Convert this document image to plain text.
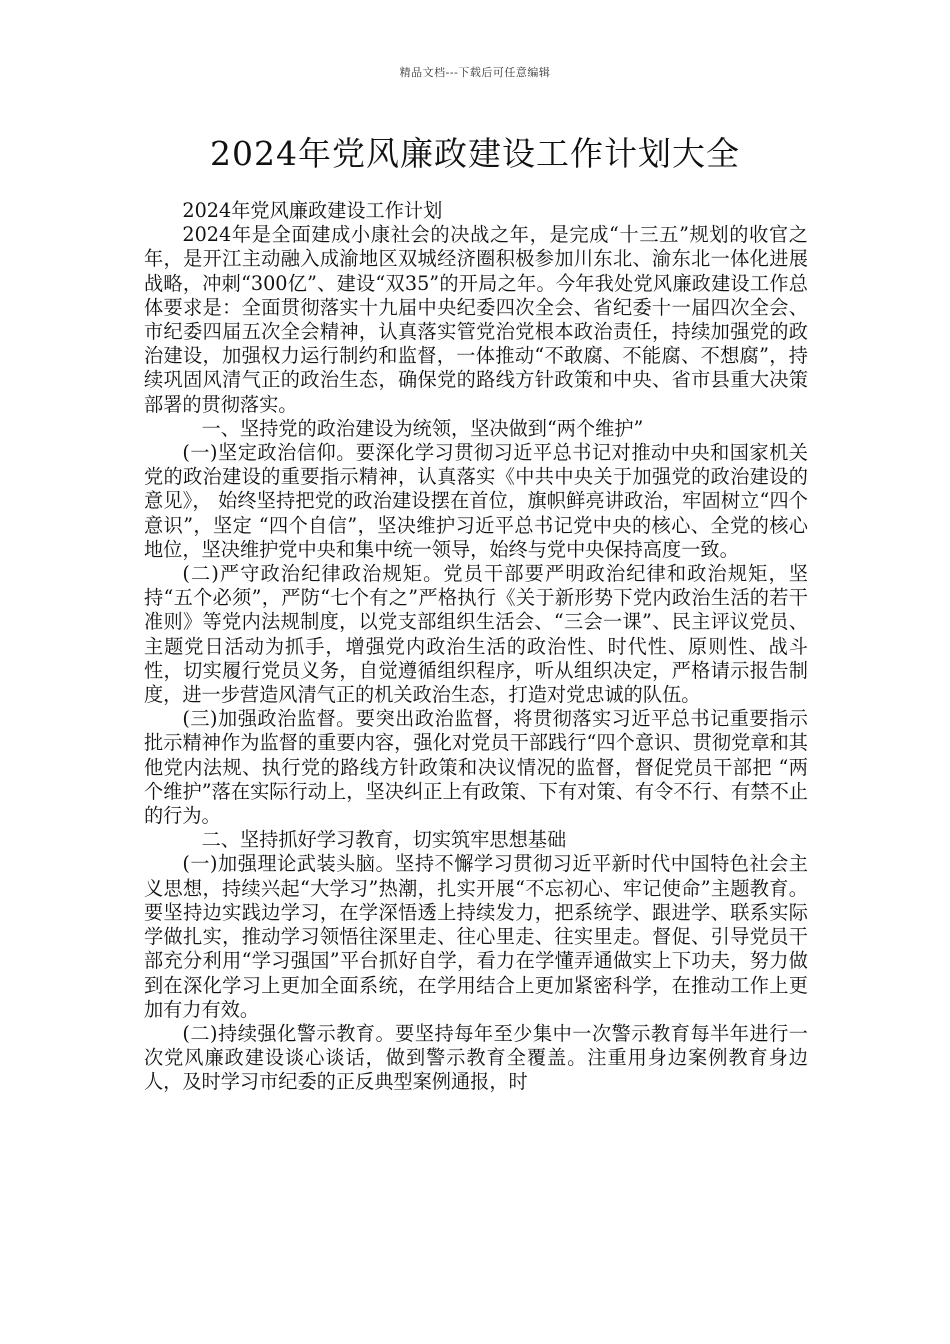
精品文档---下载后可任意编辑
2024年党风廉政建设工作计划大全

2024年党风廉政建设工作计划

2024年是全面建成小康社会的决战之年，是完成“十三五”规划的收官之年，是开江主动融入成渝地区双城经济圈积极参加川东北、渝东北一体化进展战略，冲刺“300亿”、建设“双35”的开局之年。今年我处党风廉政建设工作总体要求是：全面贯彻落实十九届中央纪委四次全会、省纪委十一届四次全会、市纪委四届五次全会精神，认真落实管党治党根本政治责任，持续加强党的政治建设，加强权力运行制约和监督，一体推动“不敢腐、不能腐、不想腐”，持续巩固风清气正的政治生态，确保党的路线方针政策和中央、省市县重大决策部署的贯彻落实。

一、坚持党的政治建设为统领，坚决做到“两个维护”

(一)坚定政治信仰。要深化学习贯彻习近平总书记对推动中央和国家机关党的政治建设的重要指示精神，认真落实《中共中央关于加强党的政治建设的意见》， 始终坚持把党的政治建设摆在首位，旗帜鲜亮讲政治，牢固树立“四个意识”，坚定 “四个自信”，坚决维护习近平总书记党中央的核心、全党的核心地位，坚决维护党中央和集中统一领导，始终与党中央保持高度一致。

(二)严守政治纪律政治规矩。党员干部要严明政治纪律和政治规矩，坚持“五个必须”，严防“七个有之”严格执行《关于新形势下党内政治生活的若干准则》等党内法规制度，以党支部组织生活会、“三会一课”、民主评议党员、主题党日活动为抓手，增强党内政治生活的政治性、时代性、原则性、战斗性，切实履行党员义务，自觉遵循组织程序，听从组织决定，严格请示报告制度，进一步营造风清气正的机关政治生态，打造对党忠诚的队伍。

(三)加强政治监督。要突出政治监督，将贯彻落实习近平总书记重要指示批示精神作为监督的重要内容，强化对党员干部践行“四个意识、贯彻党章和其他党内法规、执行党的路线方针政策和决议情况的监督，督促党员干部把 “两个维护”落在实际行动上，坚决纠正上有政策、下有对策、有令不行、有禁不止的行为。

二、坚持抓好学习教育，切实筑牢思想基础

(一)加强理论武装头脑。坚持不懈学习贯彻习近平新时代中国特色社会主义思想，持续兴起“大学习”热潮，扎实开展“不忘初心、牢记使命”主题教育。要坚持边实践边学习，在学深悟透上持续发力，把系统学、跟进学、联系实际学做扎实，推动学习领悟往深里走、往心里走、往实里走。督促、引导党员干部充分利用“学习强国”平台抓好自学，看力在学懂弄通做实上下功夫，努力做到在深化学习上更加全面系统，在学用结合上更加紧密科学，在推动工作上更加有力有效。

(二)持续强化警示教育。要坚持每年至少集中一次警示教育每半年进行一次党风廉政建设谈心谈话，做到警示教育全覆盖。注重用身边案例教育身边人，及时学习市纪委的正反典型案例通报，时
